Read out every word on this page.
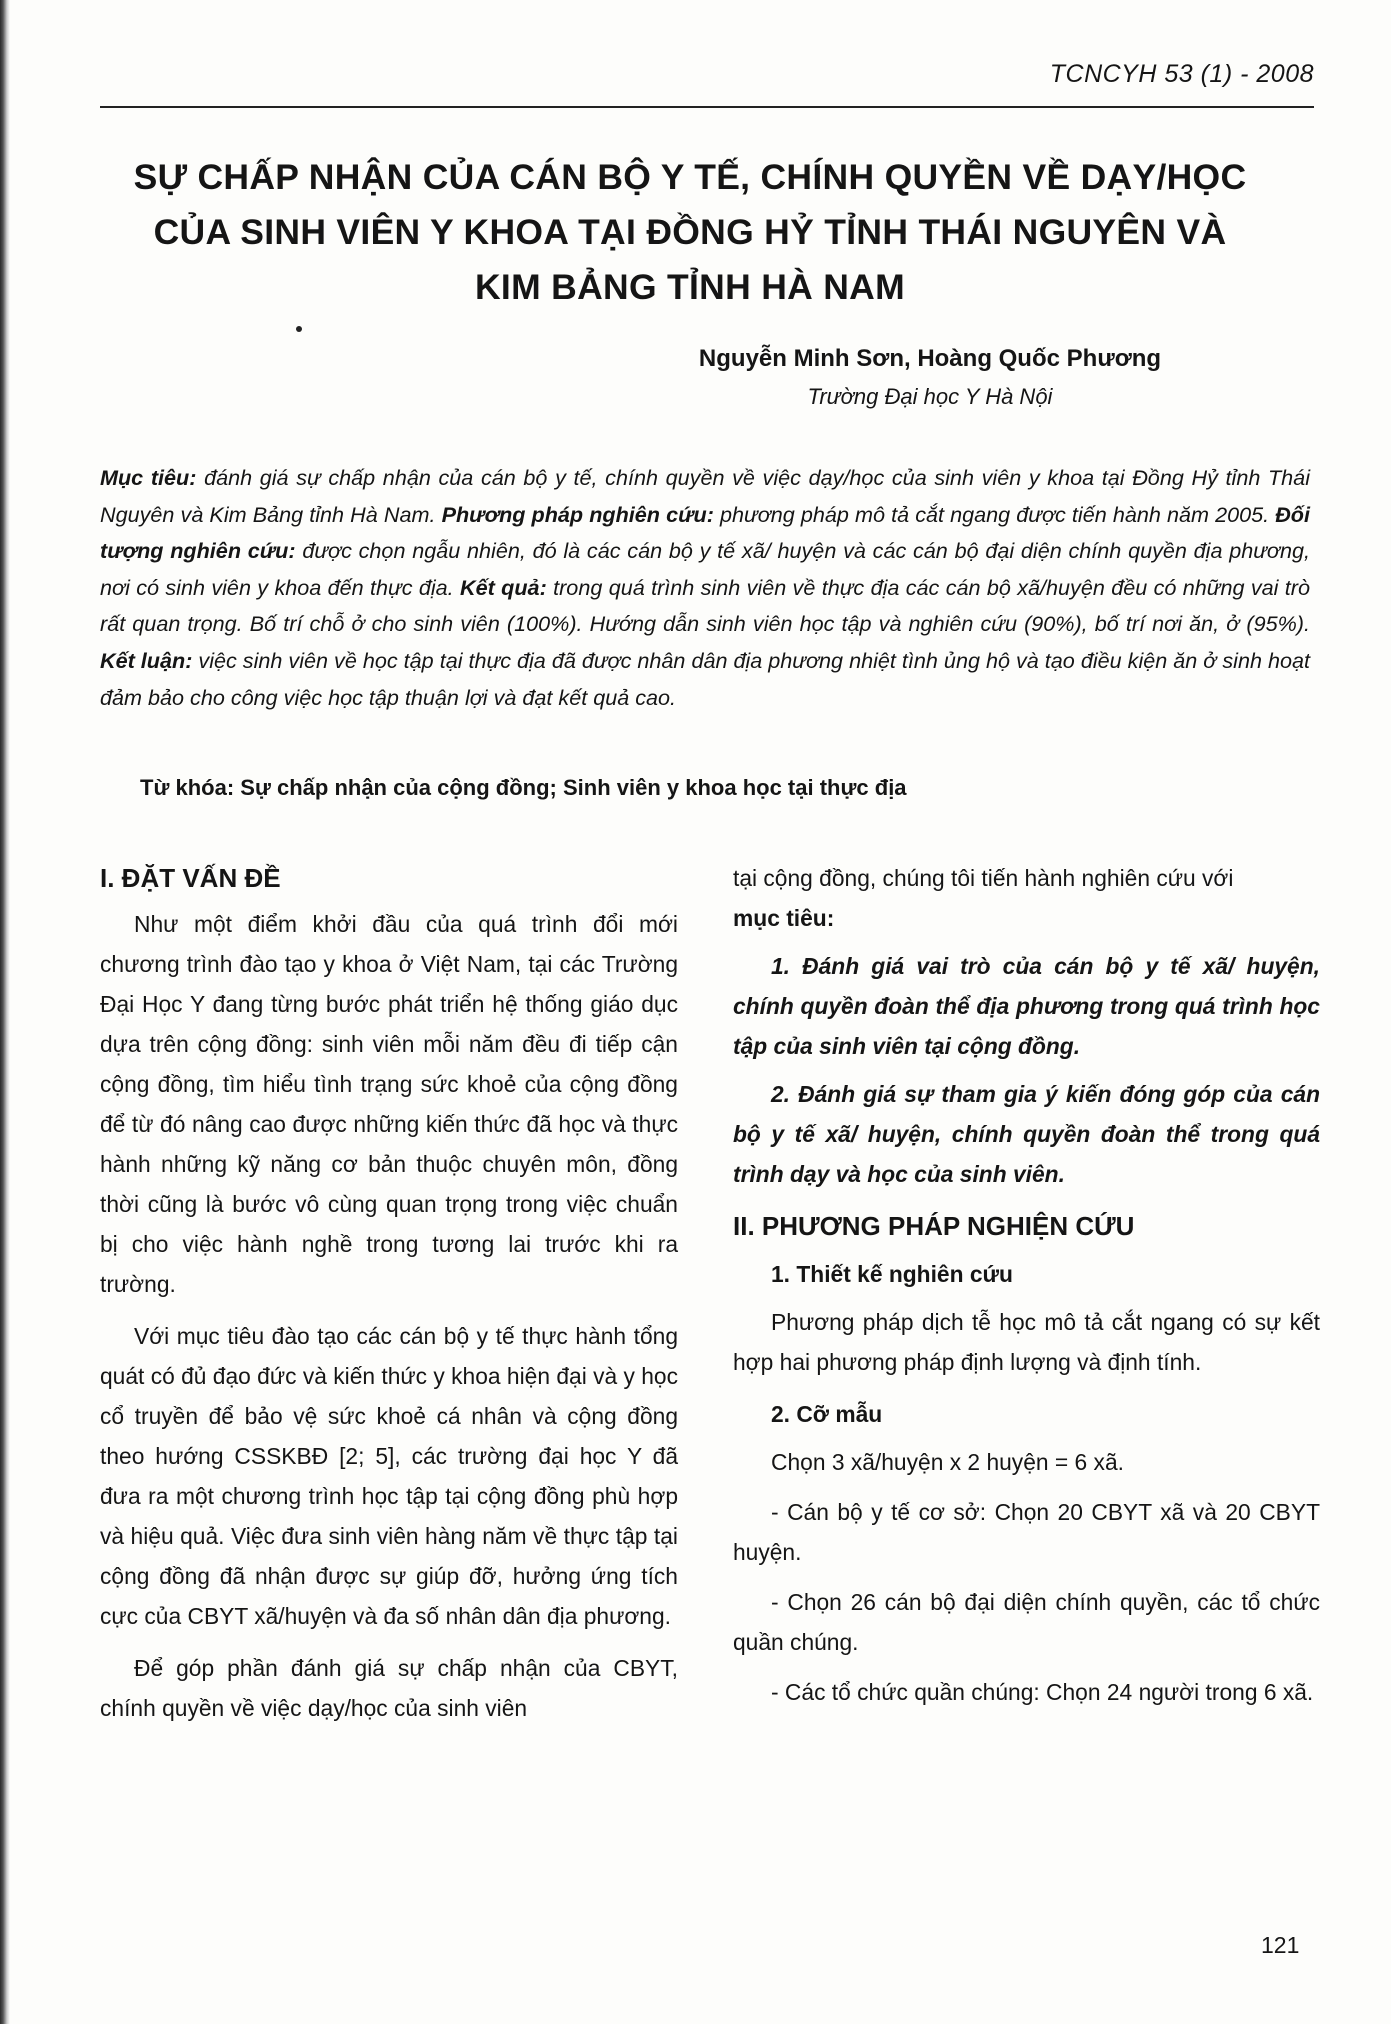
TCNCYH 53 (1) - 2008
SỰ CHẤP NHẬN CỦA CÁN BỘ Y TẾ, CHÍNH QUYỀN VỀ DẠY/HỌC
CỦA SINH VIÊN Y KHOA TẠI ĐỒNG HỶ TỈNH THÁI NGUYÊN VÀ
KIM BẢNG TỈNH HÀ NAM
Nguyễn Minh Sơn, Hoàng Quốc Phương
Trường Đại học Y Hà Nội
Mục tiêu: đánh giá sự chấp nhận của cán bộ y tế, chính quyền về việc dạy/học của sinh viên y khoa tại Đồng Hỷ tỉnh Thái Nguyên và Kim Bảng tỉnh Hà Nam. Phương pháp nghiên cứu: phương pháp mô tả cắt ngang được tiến hành năm 2005. Đối tượng nghiên cứu: được chọn ngẫu nhiên, đó là các cán bộ y tế xã/ huyện và các cán bộ đại diện chính quyền địa phương, nơi có sinh viên y khoa đến thực địa. Kết quả: trong quá trình sinh viên về thực địa các cán bộ xã/huyện đều có những vai trò rất quan trọng. Bố trí chỗ ở cho sinh viên (100%). Hướng dẫn sinh viên học tập và nghiên cứu (90%), bố trí nơi ăn, ở (95%). Kết luận: việc sinh viên về học tập tại thực địa đã được nhân dân địa phương nhiệt tình ủng hộ và tạo điều kiện ăn ở sinh hoạt đảm bảo cho công việc học tập thuận lợi và đạt kết quả cao.
Từ khóa: Sự chấp nhận của cộng đồng; Sinh viên y khoa học tại thực địa

I. ĐẶT VẤN ĐỀ

Như một điểm khởi đầu của quá trình đổi mới chương trình đào tạo y khoa ở Việt Nam, tại các Trường Đại Học Y đang từng bước phát triển hệ thống giáo dục dựa trên cộng đồng: sinh viên mỗi năm đều đi tiếp cận cộng đồng, tìm hiểu tình trạng sức khoẻ của cộng đồng để từ đó nâng cao được những kiến thức đã học và thực hành những kỹ năng cơ bản thuộc chuyên môn, đồng thời cũng là bước vô cùng quan trọng trong việc chuẩn bị cho việc hành nghề trong tương lai trước khi ra trường.

Với mục tiêu đào tạo các cán bộ y tế thực hành tổng quát có đủ đạo đức và kiến thức y khoa hiện đại và y học cổ truyền để bảo vệ sức khoẻ cá nhân và cộng đồng theo hướng CSSKBĐ [2; 5], các trường đại học Y đã đưa ra một chương trình học tập tại cộng đồng phù hợp và hiệu quả. Việc đưa sinh viên hàng năm về thực tập tại cộng đồng đã nhận được sự giúp đỡ, hưởng ứng tích cực của CBYT xã/huyện và đa số nhân dân địa phương.

Để góp phần đánh giá sự chấp nhận của CBYT, chính quyền về việc dạy/học của sinh viên

tại cộng đồng, chúng tôi tiến hành nghiên cứu với

mục tiêu:

1. Đánh giá vai trò của cán bộ y tế xã/ huyện, chính quyền đoàn thể địa phương trong quá trình học tập của sinh viên tại cộng đồng.

2. Đánh giá sự tham gia ý kiến đóng góp của cán bộ y tế xã/ huyện, chính quyền đoàn thể trong quá trình dạy và học của sinh viên.

II. PHƯƠNG PHÁP NGHIỆN CỨU

1. Thiết kế nghiên cứu

Phương pháp dịch tễ học mô tả cắt ngang có sự kết hợp hai phương pháp định lượng và định tính.

2. Cỡ mẫu

Chọn 3 xã/huyện x 2 huyện = 6 xã.

- Cán bộ y tế cơ sở: Chọn 20 CBYT xã và 20 CBYT huyện.

- Chọn 26 cán bộ đại diện chính quyền, các tổ chức quần chúng.

- Các tổ chức quần chúng: Chọn 24 người trong 6 xã.

121
